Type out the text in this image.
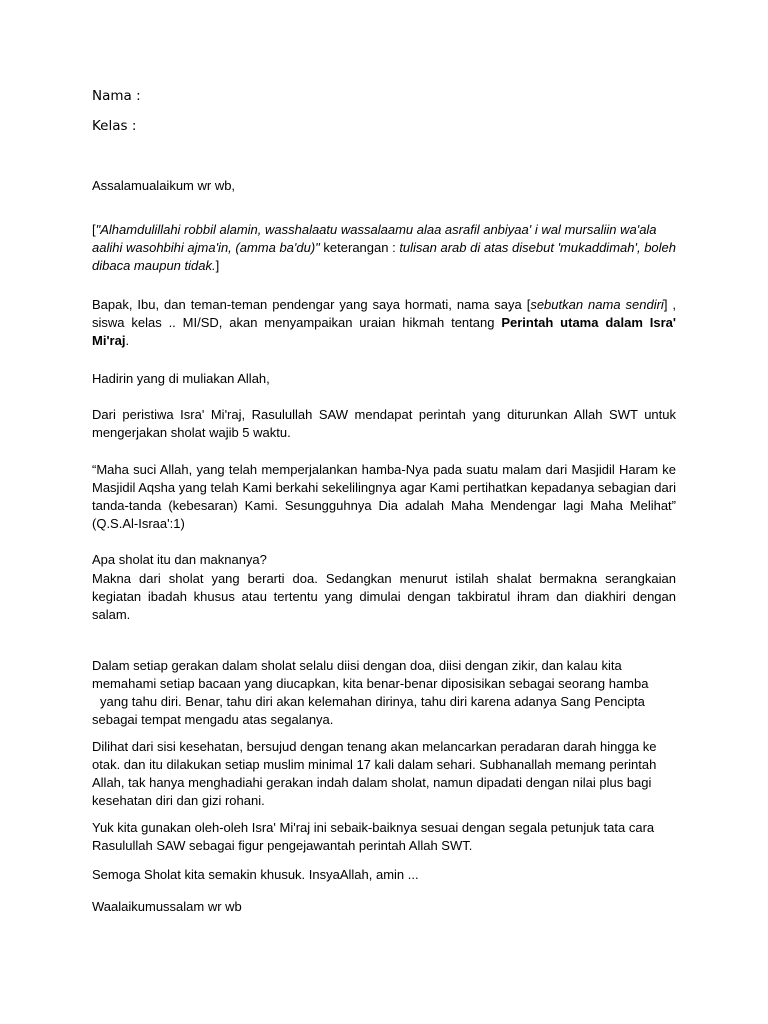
Nama :
Kelas :

Assalamualaikum wr wb,

["Alhamdulillahi robbil alamin, wasshalaatu wassalaamu alaa asrafil anbiyaa' i wal mursaliin wa'ala aalihi wasohbihi ajma'in, (amma ba'du)" keterangan : tulisan arab di atas disebut 'mukaddimah', boleh dibaca maupun tidak.]

Bapak, Ibu, dan teman-teman pendengar yang saya hormati, nama saya [sebutkan nama sendiri] , siswa kelas .. MI/SD, akan menyampaikan uraian hikmah tentang Perintah utama dalam Isra' Mi'raj.

Hadirin yang di muliakan Allah,

Dari peristiwa Isra' Mi'raj, Rasulullah SAW mendapat perintah yang diturunkan Allah SWT untuk mengerjakan sholat wajib 5 waktu.

“Maha suci Allah, yang telah memperjalankan hamba-Nya pada suatu malam dari Masjidil Haram ke Masjidil Aqsha yang telah Kami berkahi sekelilingnya agar Kami pertihatkan kepadanya sebagian dari tanda-tanda (kebesaran) Kami. Sesungguhnya Dia adalah Maha Mendengar lagi Maha Melihat” (Q.S.Al-Israa':1)

Apa sholat itu dan maknanya?

Makna dari sholat yang berarti doa. Sedangkan menurut istilah shalat bermakna serangkaian kegiatan ibadah khusus atau tertentu yang dimulai dengan takbiratul ihram dan diakhiri dengan salam.

Dalam setiap gerakan dalam sholat selalu diisi dengan doa, diisi dengan zikir, dan kalau kita
memahami setiap bacaan yang diucapkan, kita benar-benar diposisikan sebagai seorang hamba
yang tahu diri. Benar, tahu diri akan kelemahan dirinya, tahu diri karena adanya Sang Pencipta
sebagai tempat mengadu atas segalanya.
Dilihat dari sisi kesehatan, bersujud dengan tenang akan melancarkan peradaran darah hingga ke
otak. dan itu dilakukan setiap muslim minimal 17 kali dalam sehari. Subhanallah memang perintah
Allah, tak hanya menghadiahi gerakan indah dalam sholat, namun dipadati dengan nilai plus bagi
kesehatan diri dan gizi rohani.
Yuk kita gunakan oleh-oleh Isra' Mi'raj ini sebaik-baiknya sesuai dengan segala petunjuk tata cara
Rasulullah SAW sebagai figur pengejawantah perintah Allah SWT.

Semoga Sholat kita semakin khusuk. InsyaAllah, amin ...

Waalaikumussalam wr wb
